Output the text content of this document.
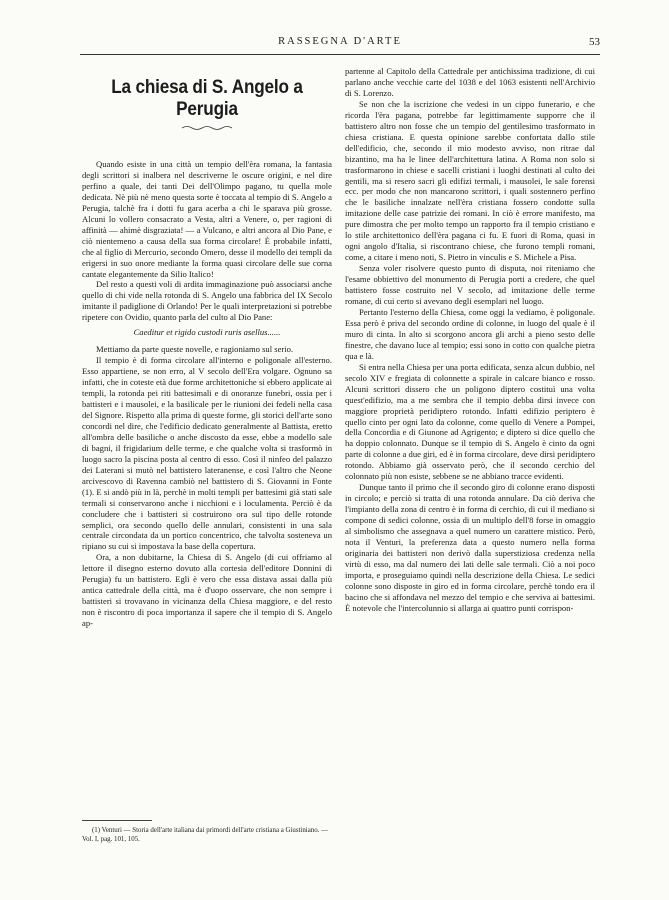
RASSEGNA D'ARTE	53
La chiesa di S. Angelo a Perugia

Quando esiste in una città un tempio dell'èra romana, la fantasia degli scrittori si inalbera nel descriverne le oscure origini, e nel dire perfino a quale, dei tanti Dei dell'Olimpo pagano, tu quella mole dedicata. Nè più nè meno questa sorte è toccata al tempio di S. Angelo a Perugia, talchè fra i dotti fu gara acerba a chi le sparava più grosse. Alcuni lo vollero consacrato a Vesta, altri a Venere, o, per ragioni di affinità — ahimè disgraziata! — a Vulcano, e altri ancora al Dio Pane, e ciò nientemeno a causa della sua forma circolare! È probabile infatti, che al figlio di Mercurio, secondo Omero, desse il modello dei templi da erigersi in suo onore mediante la forma quasi circolare delle sue corna cantate elegantemente da Silio Italico!

Del resto a questi voli di ardita immaginazione può associarsi anche quello di chi vide nella rotonda di S. Angelo una fabbrica del IX Secolo imitante il padiglione di Orlando! Per le quali interpretazioni si potrebbe ripetere con Ovidio, quanto parla del culto al Dio Pane:

Caeditur et rigido custodi ruris asellus......

Mettiamo da parte queste novelle, e ragioniamo sul serio.

Il tempio è di forma circolare all'interno e poligonale all'esterno. Esso appartiene, se non erro, al V secolo dell'Era volgare. Ognuno sa infatti, che in coteste età due forme architettoniche si ebbero applicate ai templi, la rotonda pei riti battesimali e di onoranze funebri, ossia per i battisteri e i mausolei, e la basilicale per le riunioni dei fedeli nella casa del Signore. Rispetto alla prima di queste forme, gli storici dell'arte sono concordi nel dire, che l'edificio dedicato generalmente al Battista, eretto all'ombra delle basiliche o anche discosto da esse, ebbe a modello sale di bagni, il frigidarium delle terme, e che qualche volta si trasformò in luogo sacro la piscina posta al centro di esso. Così il ninfeo del palazzo dei Laterani si mutò nel battistero lateranense, e così l'altro che Neone arcivescovo di Ravenna cambiò nel battistero di S. Giovanni in Fonte (1). E si andò più in là, perchè in molti templi per battesimi già stati sale termali si conservarono anche i nicchioni e i loculamenta. Perciò è da concludere che i battisteri si costruirono ora sul tipo delle rotonde semplici, ora secondo quello delle annulari, consistenti in una sala centrale circondata da un portico concentrico, che talvolta sosteneva un ripiano su cui si impostava la base della copertura.

Ora, a non dubitarne, la Chiesa di S. Angelo (di cui offriamo al lettore il disegno esterno dovuto alla cortesia dell'editore Donnini di Perugia) fu un battistero. Egli è vero che essa distava assai dalla più antica cattedrale della città, ma è d'uopo osservare, che non sempre i battisteri si trovavano in vicinanza della Chiesa maggiore, e del resto non è riscontro di poca importanza il sapere che il tempio di S. Angelo ap-

partenne al Capitolo della Cattedrale per antichissima tradizione, di cui parlano anche vecchie carte del 1038 e del 1063 esistenti nell'Archivio di S. Lorenzo.

Se non che la iscrizione che vedesi in un cippo funerario, e che ricorda l'èra pagana, potrebbe far legittimamente supporre che il battistero altro non fosse che un tempio del gentilesimo trasformato in chiesa cristiana. E questa opinione sarebbe confortata dallo stile dell'edificio, che, secondo il mio modesto avviso, non ritrae dal bizantino, ma ha le linee dell'architettura latina. A Roma non solo si trasformarono in chiese e sacelli cristiani i luoghi destinati al culto dei gentili, ma si resero sacri gli edifizi termali, i mausolei, le sale forensi ecc. per modo che non mancarono scrittori, i quali sostennero perfino che le basiliche innalzate nell'èra cristiana fossero condotte sulla imitazione delle case patrizie dei romani. In ciò è errore manifesto, ma pure dimostra che per molto tempo un rapporto fra il tempio cristiano e lo stile architettonico dell'èra pagana ci fu. E fuori di Roma, quasi in ogni angolo d'Italia, si riscontrano chiese, che furono templi romani, come, a citare i meno noti, S. Pietro in vinculis e S. Michele a Pisa.

Senza voler risolvere questo punto di disputa, noi riteniamo che l'esame obbiettivo del monumento di Perugia porti a credere, che quel battistero fosse costruito nel V secolo, ad imitazione delle terme romane, di cui certo si avevano degli esemplari nel luogo.

Pertanto l'esterno della Chiesa, come oggi la vediamo, è poligonale. Essa però è priva del secondo ordine di colonne, in luogo del quale è il muro di cinta. In alto si scorgono ancora gli archi a pieno sesto delle finestre, che davano luce al tempio; essi sono in cotto con qualche pietra qua e là.

Si entra nella Chiesa per una porta edificata, senza alcun dubbio, nel secolo XIV e fregiata di colonnette a spirale in calcare bianco e rosso. Alcuni scrittori dissero che un poligono diptero costituì una volta quest'edifizio, ma a me sembra che il tempio debba dirsi invece con maggiore proprietà peridiptero rotondo. Infatti edifizio periptero è quello cinto per ogni lato da colonne, come quello di Venere a Pompei, della Concordia e di Giunone ad Agrigento; e diptero si dice quello che ha doppio colonnato. Dunque se il tempio di S. Angelo è cinto da ogni parte di colonne a due giri, ed è in forma circolare, deve dirsi peridiptero rotondo. Abbiamo già osservato però, che il secondo cerchio del colonnato più non esiste, sebbene se ne abbiano tracce evidenti.

Dunque tanto il primo che il secondo giro di colonne erano disposti in circolo; e perciò si tratta di una rotonda annulare. Da ciò deriva che l'impianto della zona di centro è in forma di cerchio, di cui il mediano si compone di sedici colonne, ossia di un multiplo dell'8 forse in omaggio al simbolismo che assegnava a quel numero un carattere mistico. Però, nota il Venturi, la preferenza data a questo numero nella forma originaria dei battisteri non derivò dalla superstiziosa credenza nella virtù di esso, ma dal numero dei lati delle sale termali. Ciò a noi poco importa, e proseguiamo quindi nella descrizione della Chiesa. Le sedici colonne sono disposte in giro ed in forma circolare, perchè tondo era il bacino che si affondava nel mezzo del tempio e che serviva ai battesimi. È notevole che l'intercolunnio si allarga ai quattro punti corrispon-

(1) Venturi — Storia dell'arte italiana dai primordi dell'arte cristiana a Giustiniano. — Vol. I, pag. 101, 105.
